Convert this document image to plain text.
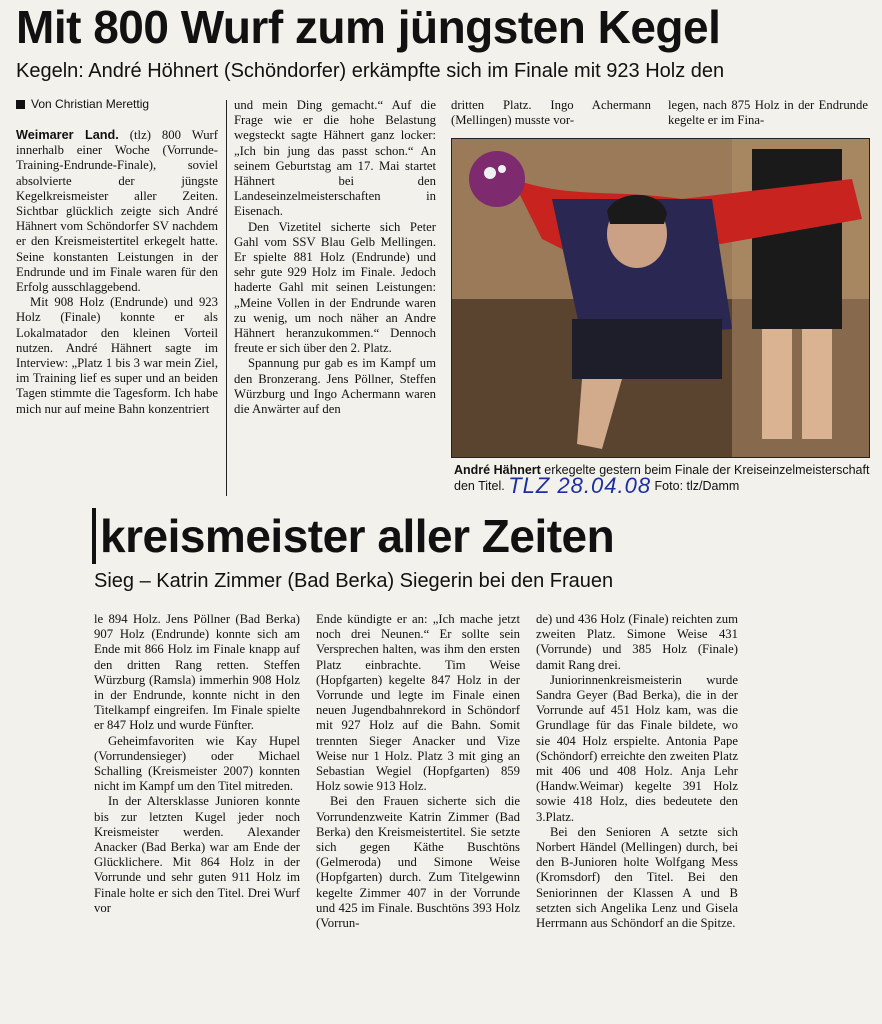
Mit 800 Wurf zum jüngsten Kegel
Kegeln: André Höhnert (Schöndorfer) erkämpfte sich im Finale mit 923 Holz den
Von Christian Merettig

Weimarer Land. (tlz) 800 Wurf innerhalb einer Woche (Vorrunde-Training-Endrunde-Finale), soviel absolvierte der jüngste Kegelkreismeister aller Zeiten. Sichtbar glücklich zeigte sich André Hähnert vom Schöndorfer SV nachdem er den Kreismeistertitel erkegelt hatte. Seine konstanten Leistungen in der Endrunde und im Finale waren für den Erfolg ausschlaggebend.

Mit 908 Holz (Endrunde) und 923 Holz (Finale) konnte er als Lokalmatador den kleinen Vorteil nutzen. André Hähnert sagte im Interview: „Platz 1 bis 3 war mein Ziel, im Training lief es super und an beiden Tagen stimmte die Tagesform. Ich habe mich nur auf meine Bahn konzentriert

und mein Ding gemacht.“ Auf die Frage wie er die hohe Belastung wegsteckt sagte Hähnert ganz locker: „Ich bin jung das passt schon.“ An seinem Geburtstag am 17. Mai startet Hähnert bei den Landeseinzelmeisterschaften in Eisenach.

Den Vizetitel sicherte sich Peter Gahl vom SSV Blau Gelb Mellingen. Er spielte 881 Holz (Endrunde) und sehr gute 929 Holz im Finale. Jedoch haderte Gahl mit seinen Leistungen: „Meine Vollen in der Endrunde waren zu wenig, um noch näher an Andre Hähnert heranzukommen.“ Dennoch freute er sich über den 2. Platz.

Spannung pur gab es im Kampf um den Bronzerang. Jens Pöllner, Steffen Würzburg und Ingo Achermann waren die Anwärter auf den

dritten Platz. Ingo Achermann (Mellingen) musste vor-

legen, nach 875 Holz in der Endrunde kegelte er im Fina-

André Hähnert erkegelte gestern beim Finale der Kreiseinzelmeisterschaft den Titel. TLZ 28.04.08 Foto: tlz/Damm
kreismeister aller Zeiten
Sieg – Katrin Zimmer (Bad Berka) Siegerin bei den Frauen

le 894 Holz. Jens Pöllner (Bad Berka) 907 Holz (Endrunde) konnte sich am Ende mit 866 Holz im Finale knapp auf den dritten Rang retten. Steffen Würzburg (Ramsla) immerhin 908 Holz in der Endrunde, konnte nicht in den Titelkampf eingreifen. Im Finale spielte er 847 Holz und wurde Fünfter.

Geheimfavoriten wie Kay Hupel (Vorrundensieger) oder Michael Schalling (Kreismeister 2007) konnten nicht im Kampf um den Titel mitreden.

In der Altersklasse Junioren konnte bis zur letzten Kugel jeder noch Kreismeister werden. Alexander Anacker (Bad Berka) war am Ende der Glücklichere. Mit 864 Holz in der Vorrunde und sehr guten 911 Holz im Finale holte er sich den Titel. Drei Wurf vor

Ende kündigte er an: „Ich mache jetzt noch drei Neunen.“ Er sollte sein Versprechen halten, was ihm den ersten Platz einbrachte. Tim Weise (Hopfgarten) kegelte 847 Holz in der Vorrunde und legte im Finale einen neuen Jugendbahnrekord in Schöndorf mit 927 Holz auf die Bahn. Somit trennten Sieger Anacker und Vize Weise nur 1 Holz. Platz 3 mit ging an Sebastian Wegiel (Hopfgarten) 859 Holz sowie 913 Holz.

Bei den Frauen sicherte sich die Vorrundenzweite Katrin Zimmer (Bad Berka) den Kreismeistertitel. Sie setzte sich gegen Käthe Buschtöns (Gelmeroda) und Simone Weise (Hopfgarten) durch. Zum Titelgewinn kegelte Zimmer 407 in der Vorrunde und 425 im Finale. Buschtöns 393 Holz (Vorrun-

de) und 436 Holz (Finale) reichten zum zweiten Platz. Simone Weise 431 (Vorrunde) und 385 Holz (Finale) damit Rang drei.

Juniorinnenkreismeisterin wurde Sandra Geyer (Bad Berka), die in der Vorrunde auf 451 Holz kam, was die Grundlage für das Finale bildete, wo sie 404 Holz erspielte. Antonia Pape (Schöndorf) erreichte den zweiten Platz mit 406 und 408 Holz. Anja Lehr (Handw.Weimar) kegelte 391 Holz sowie 418 Holz, dies bedeutete den 3.Platz.

Bei den Senioren A setzte sich Norbert Händel (Mellingen) durch, bei den B-Junioren holte Wolfgang Mess (Kromsdorf) den Titel. Bei den Seniorinnen der Klassen A und B setzten sich Angelika Lenz und Gisela Herrmann aus Schöndorf an die Spitze.
